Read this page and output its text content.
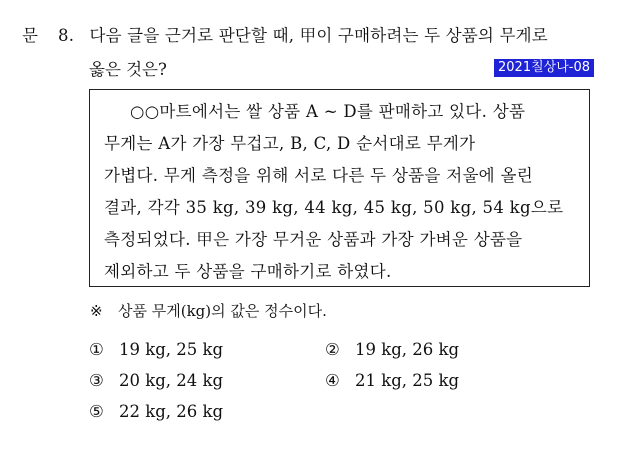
문 8. 다음 글을 근거로 판단할 때, 甲이 구매하려는 두 상품의 무게로
옳은 것은?	2021칠상나-08
○○마트에서는 쌀 상품 A ~ D를 판매하고 있다. 상품
무게는 A가 가장 무겁고, B, C, D 순서대로 무게가
가볍다. 무게 측정을 위해 서로 다른 두 상품을 저울에 올린
결과, 각각 35 kg, 39 kg, 44 kg, 45 kg, 50 kg, 54 kg으로
측정되었다. 甲은 가장 무거운 상품과 가장 가벼운 상품을
제외하고 두 상품을 구매하기로 하였다.
※ 상품 무게(kg)의 값은 정수이다.
① 19 kg, 25 kg	② 19 kg, 26 kg
③ 20 kg, 24 kg	④ 21 kg, 25 kg
⑤ 22 kg, 26 kg
